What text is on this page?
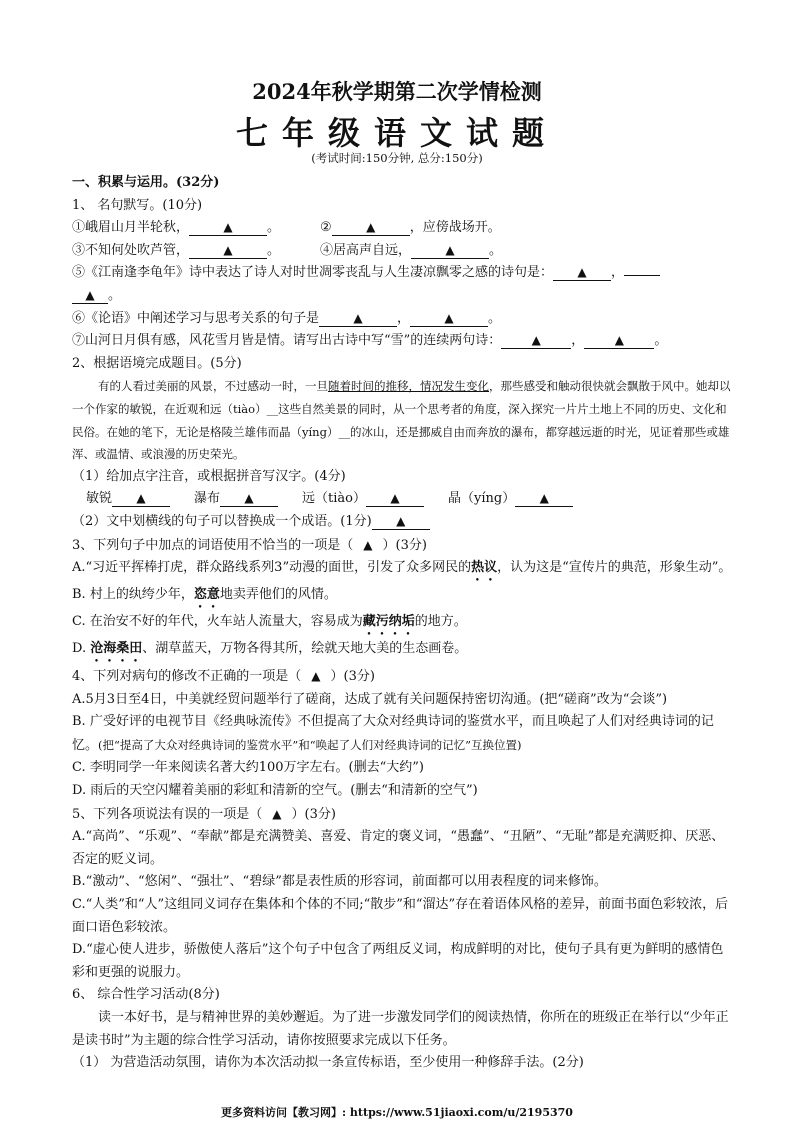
2024年秋学期第二次学情检测
七年级语文试题
(考试时间:150分钟, 总分:150分)
一、积累与运用。(32分)
1、 名句默写。(10分)
①峨眉山月半轮秋，	▲	。	②	▲	，应傍战场开。
③不知何处吹芦管，	▲	。	④居高声自远，	▲	。
⑤《江南逢李龟年》诗中表达了诗人对时世凋零丧乱与人生凄凉飘零之感的诗句是： ▲ ，
▲ 。
⑥《论语》中阐述学习与思考关系的句子是	▲	，	▲	。
⑦山河日月俱有感，风花雪月皆是情。请写出古诗中写“雪”的连续两句诗：	▲ ，	▲ 。
2、根据语境完成题目。(5分)
有的人看过美丽的风景，不过感动一时，一旦随着时间的推移，情况发生变化，那些感受和触动很快就会飘散于风中。她却以一个作家的敏锐，在近观和远（tiào）__这些自然美景的同时，从一个思考者的角度，深入探究一片片土地上不同的历史、文化和民俗。在她的笔下，无论是格陵兰雄伟而晶（yíng）__的冰山，还是挪威自由而奔放的瀑布，都穿越远逝的时光，见证着那些或雄浑、或温情、或浪漫的历史荣光。
（1）给加点字注音，或根据拼音写汉字。(4分)
敏锐 ▲	瀑布 ▲	远（tiào） ▲	晶（yíng） ▲
（2）文中划横线的句子可以替换成一个成语。(1分) ▲
3、下列句子中加点的词语使用不恰当的一项是（ ▲ ）(3分)
A.“习近平挥棒打虎，群众路线系列3”动漫的面世，引发了众多网民的热议，认为这是“宣传片的典范，形象生动”。
B. 村上的纨绔少年，恣意地卖弄他们的风情。
C. 在治安不好的年代，火车站人流量大，容易成为藏污纳垢的地方。
D. 沧海桑田、湖草蓝天，万物各得其所，绘就天地大美的生态画卷。
4、下列对病句的修改不正确的一项是（ ▲ ）(3分)
A.5月3日至4日，中美就经贸问题举行了磋商，达成了就有关问题保持密切沟通。(把“磋商”改为“会谈”)
B. 广受好评的电视节目《经典咏流传》不但提高了大众对经典诗词的鉴赏水平，而且唤起了人们对经典诗词的记忆。(把“提高了大众对经典诗词的鉴赏水平”和“唤起了人们对经典诗词的记忆”互换位置)
C. 李明同学一年来阅读名著大约100万字左右。(删去“大约”)
D. 雨后的天空闪耀着美丽的彩虹和清新的空气。(删去“和清新的空气”)
5、下列各项说法有误的一项是（ ▲ ）(3分)
A.“高尚”、“乐观”、“奉献”都是充满赞美、喜爱、肯定的褒义词，“愚蠢”、“丑陋”、“无耻”都是充满贬抑、厌恶、否定的贬义词。
B.“激动”、“悠闲”、“强壮”、“碧绿”都是表性质的形容词，前面都可以用表程度的词来修饰。
C.“人类”和“人”这组同义词存在集体和个体的不同;“散步”和“溜达”存在着语体风格的差异，前面书面色彩较浓，后面口语色彩较浓。
D.“虚心使人进步，骄傲使人落后”这个句子中包含了两组反义词，构成鲜明的对比，使句子具有更为鲜明的感情色彩和更强的说服力。
6、 综合性学习活动(8分)
读一本好书，是与精神世界的美妙邂逅。为了进一步激发同学们的阅读热情，你所在的班级正在举行以“少年正是读书时”为主题的综合性学习活动，请你按照要求完成以下任务。
（1） 为营造活动氛围，请你为本次活动拟一条宣传标语，至少使用一种修辞手法。(2分)
更多资料访问【教习网】: https://www.51jiaoxi.com/u/2195370
